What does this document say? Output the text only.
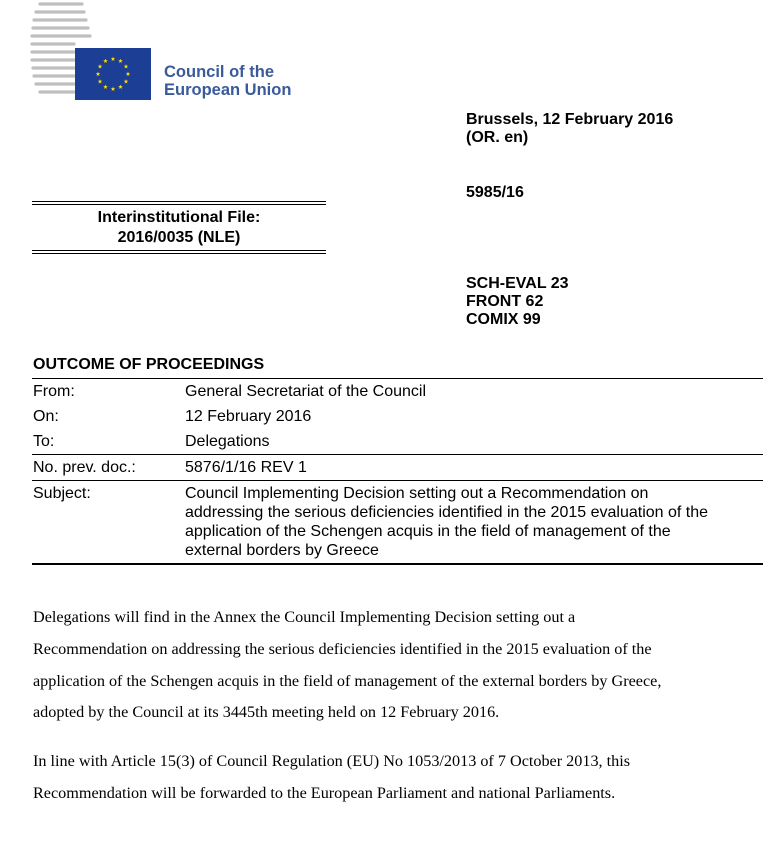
Council of the
European Union
Brussels, 12 February 2016
(OR. en)
5985/16
SCH-EVAL 23
FRONT 62
COMIX 99
Interinstitutional File:
2016/0035 (NLE)
OUTCOME OF PROCEEDINGS
From:	General Secretariat of the Council
On:	12 February 2016
To:	Delegations
No. prev. doc.:	5876/1/16 REV 1
Subject:	Council Implementing Decision setting out a Recommendation on
addressing the serious deficiencies identified in the 2015 evaluation of the
application of the Schengen acquis in the field of management of the
external borders by Greece
Delegations will find in the Annex the Council Implementing Decision setting out a
Recommendation on addressing the serious deficiencies identified in the 2015 evaluation of the
application of the Schengen acquis in the field of management of the external borders by Greece,
adopted by the Council at its 3445th meeting held on 12 February 2016.
In line with Article 15(3) of Council Regulation (EU) No 1053/2013 of 7 October 2013, this
Recommendation will be forwarded to the European Parliament and national Parliaments.
